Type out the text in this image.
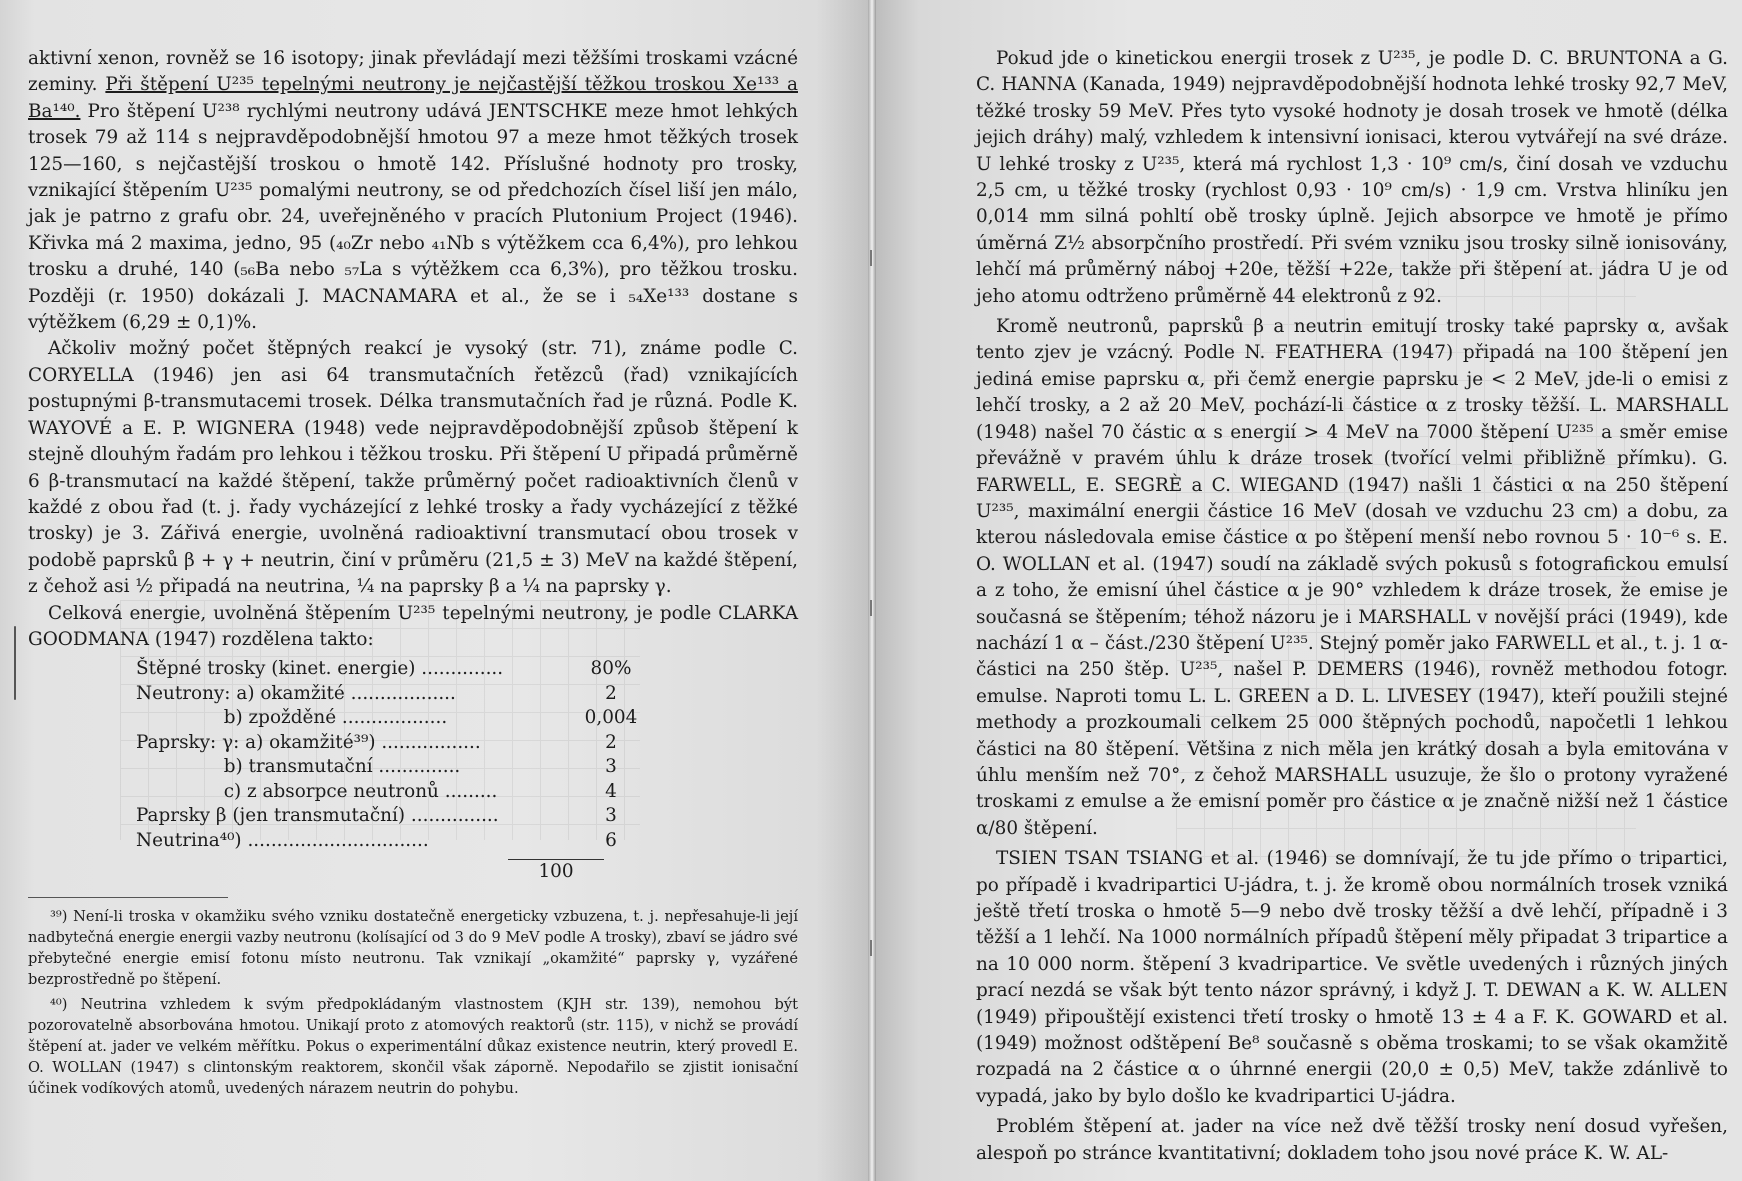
aktivní xenon, rovněž se 16 isotopy; jinak převládají mezi těžšími troskami vzácné zeminy. Při štěpení U²³⁵ tepelnými neutrony je nejčastější těžkou troskou Xe¹³³ a Ba¹⁴⁰. Pro štěpení U²³⁸ rychlými neutrony udává JENTSCHKE meze hmot lehkých trosek 79 až 114 s nejpravděpodobnější hmotou 97 a meze hmot těžkých trosek 125—160, s nejčastější troskou o hmotě 142. Příslušné hodnoty pro trosky, vznikající štěpením U²³⁵ pomalými neutrony, se od předchozích čísel liší jen málo, jak je patrno z grafu obr. 24, uveřejněného v pracích Plutonium Project (1946). Křivka má 2 maxima, jedno, 95 (₄₀Zr nebo ₄₁Nb s výtěžkem cca 6,4%), pro lehkou trosku a druhé, 140 (₅₆Ba nebo ₅₇La s výtěžkem cca 6,3%), pro těžkou trosku. Později (r. 1950) dokázali J. MACNAMARA et al., že se i ₅₄Xe¹³³ dostane s výtěžkem (6,29 ± 0,1)%.

Ačkoliv možný počet štěpných reakcí je vysoký (str. 71), známe podle C. CORYELLA (1946) jen asi 64 transmutačních řetězců (řad) vznikajících postupnými β-transmutacemi trosek. Délka transmutačních řad je různá. Podle K. WAYOVÉ a E. P. WIGNERA (1948) vede nejpravděpodobnější způsob štěpení k stejně dlouhým řadám pro lehkou i těžkou trosku. Při štěpení U připadá průměrně 6 β-transmutací na každé štěpení, takže průměrný počet radioaktivních členů v každé z obou řad (t. j. řady vycházející z lehké trosky a řady vycházející z těžké trosky) je 3. Zářivá energie, uvolněná radioaktivní transmutací obou trosek v podobě paprsků β + γ + neutrin, činí v průměru (21,5 ± 3) MeV na každé štěpení, z čehož asi ½ připadá na neutrina, ¼ na paprsky β a ¼ na paprsky γ.

Celková energie, uvolněná štěpením U²³⁵ tepelnými neutrony, je podle CLARKA GOODMANA (1947) rozdělena takto:

Štěpné trosky (kinet. energie) ..............	80%
Neutrony: a) okamžité ..................	2
b) zpožděné ..................	0,004
Paprsky: γ: a) okamžité³⁹) .................	2
b) transmutační ..............	3
c) z absorpce neutronů .........	4
Paprsky β (jen transmutační) ...............	3
Neutrina⁴⁰) ...............................	6
100

³⁹) Není-li troska v okamžiku svého vzniku dostatečně energeticky vzbuzena, t. j. nepřesahuje-li její nadbytečná energie energii vazby neutronu (kolísající od 3 do 9 MeV podle A trosky), zbaví se jádro své přebytečné energie emisí fotonu místo neutronu. Tak vznikají „okamžité“ paprsky γ, vyzářené bezprostředně po štěpení.

⁴⁰) Neutrina vzhledem k svým předpokládaným vlastnostem (KJH str. 139), nemohou být pozorovatelně absorbována hmotou. Unikají proto z atomových reaktorů (str. 115), v nichž se provádí štěpení at. jader ve velkém měřítku. Pokus o experimentální důkaz existence neutrin, který provedl E. O. WOLLAN (1947) s clintonským reaktorem, skončil však záporně. Nepodařilo se zjistit ionisační účinek vodíkových atomů, uvedených nárazem neutrin do pohybu.

Pokud jde o kinetickou energii trosek z U²³⁵, je podle D. C. BRUNTONA a G. C. HANNA (Kanada, 1949) nejpravděpodobnější hodnota lehké trosky 92,7 MeV, těžké trosky 59 MeV. Přes tyto vysoké hodnoty je dosah trosek ve hmotě (délka jejich dráhy) malý, vzhledem k intensivní ionisaci, kterou vytvářejí na své dráze. U lehké trosky z U²³⁵, která má rychlost 1,3 · 10⁹ cm/s, činí dosah ve vzduchu 2,5 cm, u těžké trosky (rychlost 0,93 · 10⁹ cm/s) · 1,9 cm. Vrstva hliníku jen 0,014 mm silná pohltí obě trosky úplně. Jejich absorpce ve hmotě je přímo úměrná Z½ absorpčního prostředí. Při svém vzniku jsou trosky silně ionisovány, lehčí má průměrný náboj +20e, těžší +22e, takže při štěpení at. jádra U je od jeho atomu odtrženo průměrně 44 elektronů z 92.

Kromě neutronů, paprsků β a neutrin emitují trosky také paprsky α, avšak tento zjev je vzácný. Podle N. FEATHERA (1947) připadá na 100 štěpení jen jediná emise paprsku α, při čemž energie paprsku je < 2 MeV, jde-li o emisi z lehčí trosky, a 2 až 20 MeV, pochází-li částice α z trosky těžší. L. MARSHALL (1948) našel 70 částic α s energií > 4 MeV na 7000 štěpení U²³⁵ a směr emise převážně v pravém úhlu k dráze trosek (tvořící velmi přibližně přímku). G. FARWELL, E. SEGRÈ a C. WIEGAND (1947) našli 1 částici α na 250 štěpení U²³⁵, maximální energii částice 16 MeV (dosah ve vzduchu 23 cm) a dobu, za kterou následovala emise částice α po štěpení menší nebo rovnou 5 · 10⁻⁶ s. E. O. WOLLAN et al. (1947) soudí na základě svých pokusů s fotografickou emulsí a z toho, že emisní úhel částice α je 90° vzhledem k dráze trosek, že emise je současná se štěpením; téhož názoru je i MARSHALL v novější práci (1949), kde nachází 1 α – část./230 štěpení U²³⁵. Stejný poměr jako FARWELL et al., t. j. 1 α-částici na 250 štěp. U²³⁵, našel P. DEMERS (1946), rovněž methodou fotogr. emulse. Naproti tomu L. L. GREEN a D. L. LIVESEY (1947), kteří použili stejné methody a prozkoumali celkem 25 000 štěpných pochodů, napočetli 1 lehkou částici na 80 štěpení. Většina z nich měla jen krátký dosah a byla emitována v úhlu menším než 70°, z čehož MARSHALL usuzuje, že šlo o protony vyražené troskami z emulse a že emisní poměr pro částice α je značně nižší než 1 částice α/80 štěpení.

TSIEN TSAN TSIANG et al. (1946) se domnívají, že tu jde přímo o tripartici, po případě i kvadripartici U-jádra, t. j. že kromě obou normálních trosek vzniká ještě třetí troska o hmotě 5—9 nebo dvě trosky těžší a dvě lehčí, případně i 3 těžší a 1 lehčí. Na 1000 normálních případů štěpení měly připadat 3 tripartice a na 10 000 norm. štěpení 3 kvadripartice. Ve světle uvedených i různých jiných prací nezdá se však být tento názor správný, i když J. T. DEWAN a K. W. ALLEN (1949) připouštějí existenci třetí trosky o hmotě 13 ± 4 a F. K. GOWARD et al. (1949) možnost odštěpení Be⁸ současně s oběma troskami; to se však okamžitě rozpadá na 2 částice α o úhrnné energii (20,0 ± 0,5) MeV, takže zdánlivě to vypadá, jako by bylo došlo ke kvadripartici U-jádra.

Problém štěpení at. jader na více než dvě těžší trosky není dosud vyřešen, alespoň po stránce kvantitativní; dokladem toho jsou nové práce K. W. AL-
